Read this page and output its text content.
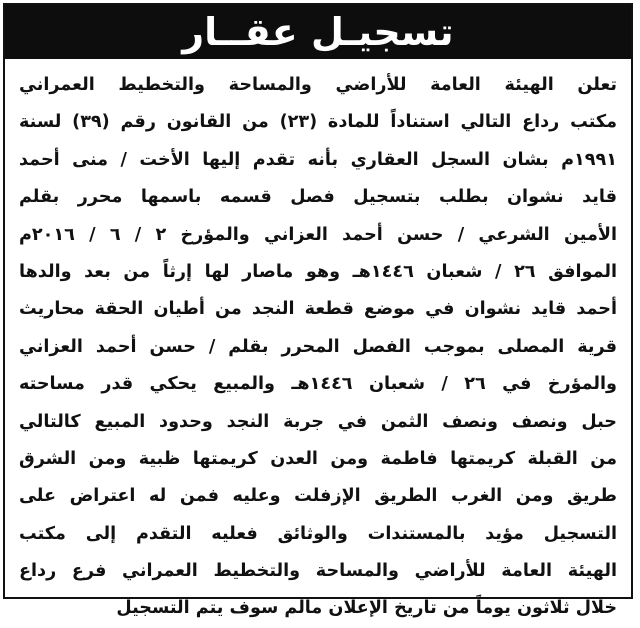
تسجيـل عقــار
تعلن الهيئة العامة للأراضي والمساحة والتخطيط العمراني
مكتب رداع التالي استناداً للمادة (٢٣) من القانون رقم (٣٩) لسنة
١٩٩١م بشان السجل العقاري بأنه تقدم إليها الأخت / منى أحمد
قايد نشوان بطلب بتسجيل فصل قسمه باسمها محرر بقلم
الأمين الشرعي / حسن أحمد العزاني والمؤرخ ٢ / ٦ / ٢٠١٦م
الموافق ٢٦ / شعبان ١٤٤٦هـ وهو ماصار لها إرثاً من بعد والدها
أحمد قايد نشوان في موضع قطعة النجد من أطيان الحقة محاريث
قرية المصلى بموجب الفصل المحرر بقلم / حسن أحمد العزاني
والمؤرخ في ٢٦ / شعبان ١٤٤٦هـ والمبيع يحكي قدر مساحته
حبل ونصف ونصف الثمن في جربة النجد وحدود المبيع كالتالي
من القبلة كريمتها فاطمة ومن العدن كريمتها ظبية ومن الشرق
طريق ومن الغرب الطريق الإزفلت وعليه فمن له اعتراض على
التسجيل مؤيد بالمستندات والوثائق فعليه التقدم إلى مكتب
الهيئة العامة للأراضي والمساحة والتخطيط العمراني فرع رداع
خلال ثلاثون يوماً من تاريخ الإعلان مالم سوف يتم التسجيل
